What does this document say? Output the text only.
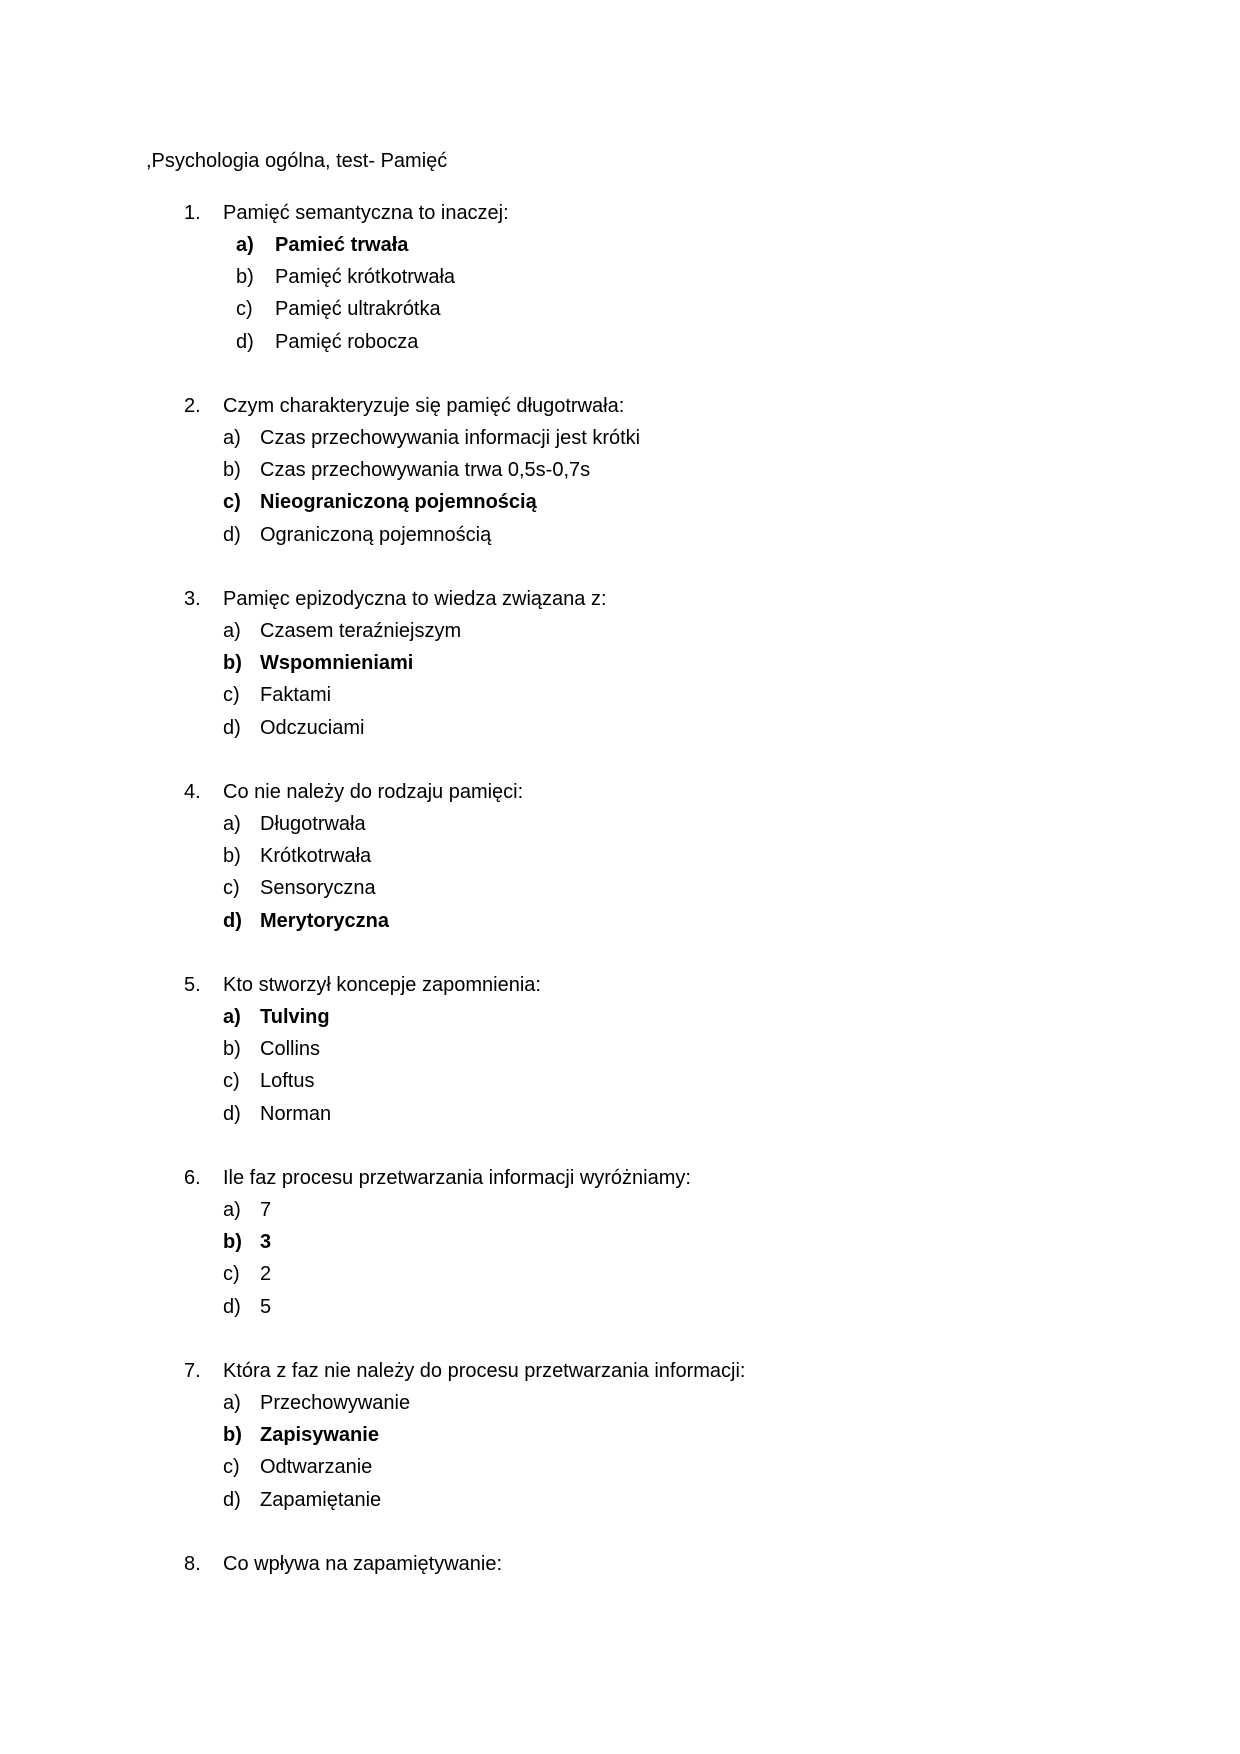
,Psychologia ogólna, test- Pamięć
1.	Pamięć semantyczna to inaczej:
a)	Pamieć trwała
b)	Pamięć krótkotrwała
c)	Pamięć ultrakrótka
d)	Pamięć robocza
2.	Czym charakteryzuje się pamięć długotrwała:
a) Czas przechowywania informacji jest krótki
b) Czas przechowywania trwa 0,5s-0,7s
c) Nieograniczoną pojemnością
d) Ograniczoną pojemnością
3.	Pamięc epizodyczna to wiedza związana z:
a) Czasem teraźniejszym
b) Wspomnieniami
c)	Faktami
d) Odczuciami
4.	Co nie należy do rodzaju pamięci:
a) Długotrwała
b) Krótkotrwała
c)	Sensoryczna
d) Merytoryczna
5.	Kto stworzył koncepje zapomnienia:
a) Tulving
b) Collins
c)	Loftus
d) Norman
6.	Ile faz procesu przetwarzania informacji wyróżniamy:
a) 7
b) 3
c)	2
d) 5
7.	Która z faz nie należy do procesu przetwarzania informacji:
a) Przechowywanie
b) Zapisywanie
c)	Odtwarzanie
d) Zapamiętanie
8.	Co wpływa na zapamiętywanie:
